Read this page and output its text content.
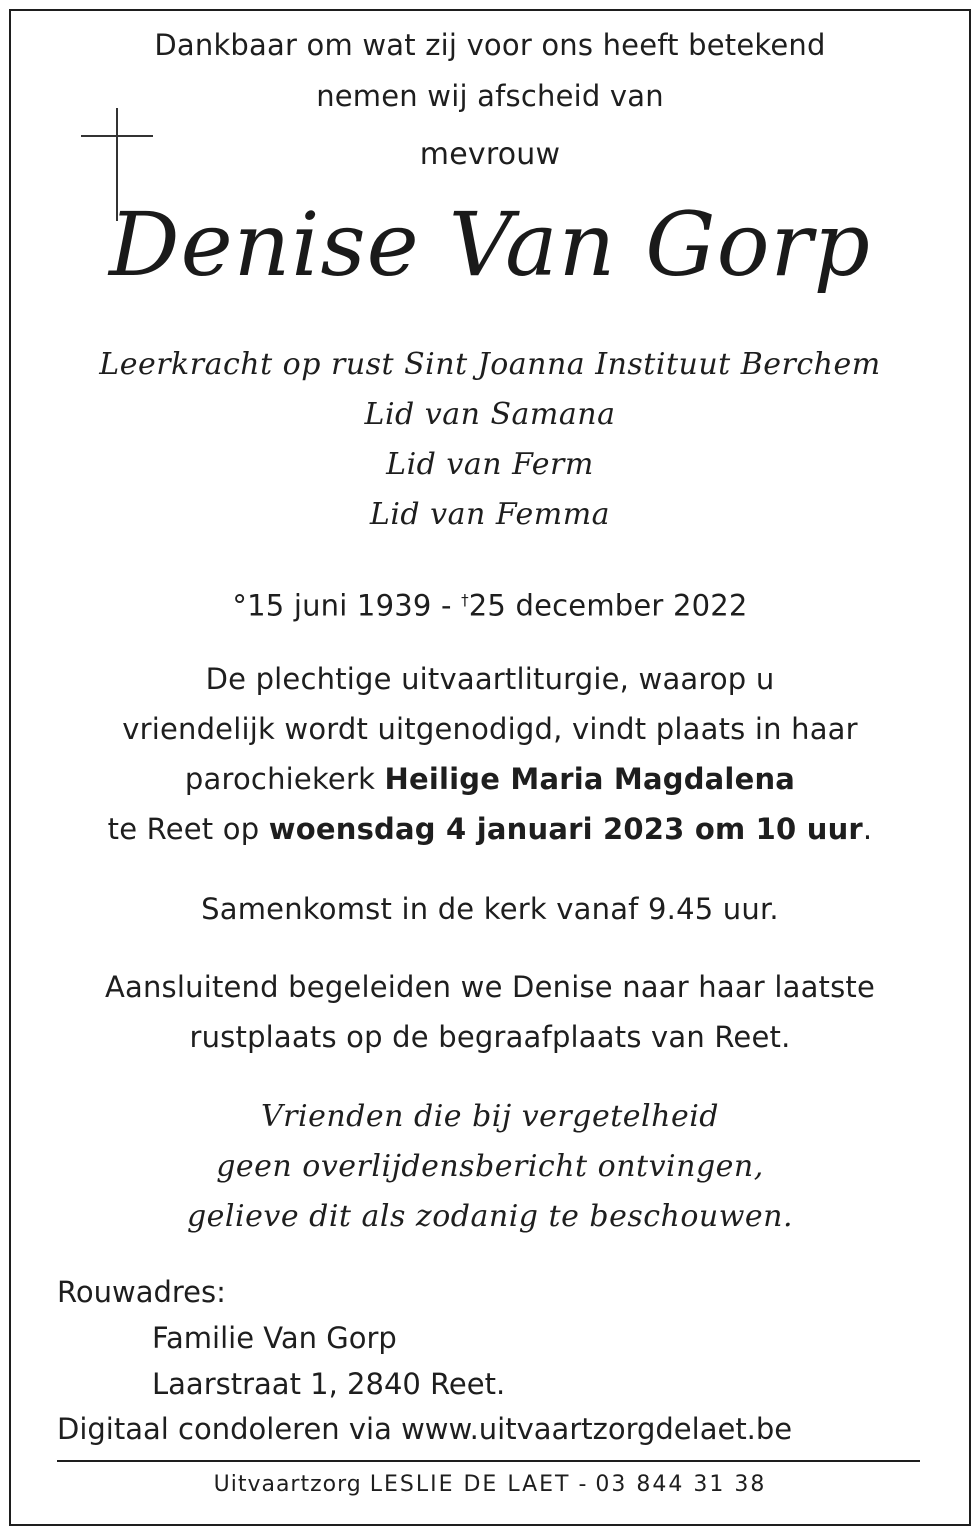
Dankbaar om wat zij voor ons heeft betekend
nemen wij afscheid van
mevrouw
Denise Van Gorp
Leerkracht op rust Sint Joanna Instituut Berchem
Lid van Samana
Lid van Ferm
Lid van Femma
°15 juni 1939 - †25 december 2022
De plechtige uitvaartliturgie, waarop u
vriendelijk wordt uitgenodigd, vindt plaats in haar
parochiekerk Heilige Maria Magdalena
te Reet op woensdag 4 januari 2023 om 10 uur.
Samenkomst in de kerk vanaf 9.45 uur.
Aansluitend begeleiden we Denise naar haar laatste
rustplaats op de begraafplaats van Reet.
Vrienden die bij vergetelheid
geen overlijdensbericht ontvingen,
gelieve dit als zodanig te beschouwen.
Rouwadres:
Familie Van Gorp
Laarstraat 1, 2840 Reet.
Digitaal condoleren via www.uitvaartzorgdelaet.be
Uitvaartzorg LESLIE DE LAET - 03 844 31 38
